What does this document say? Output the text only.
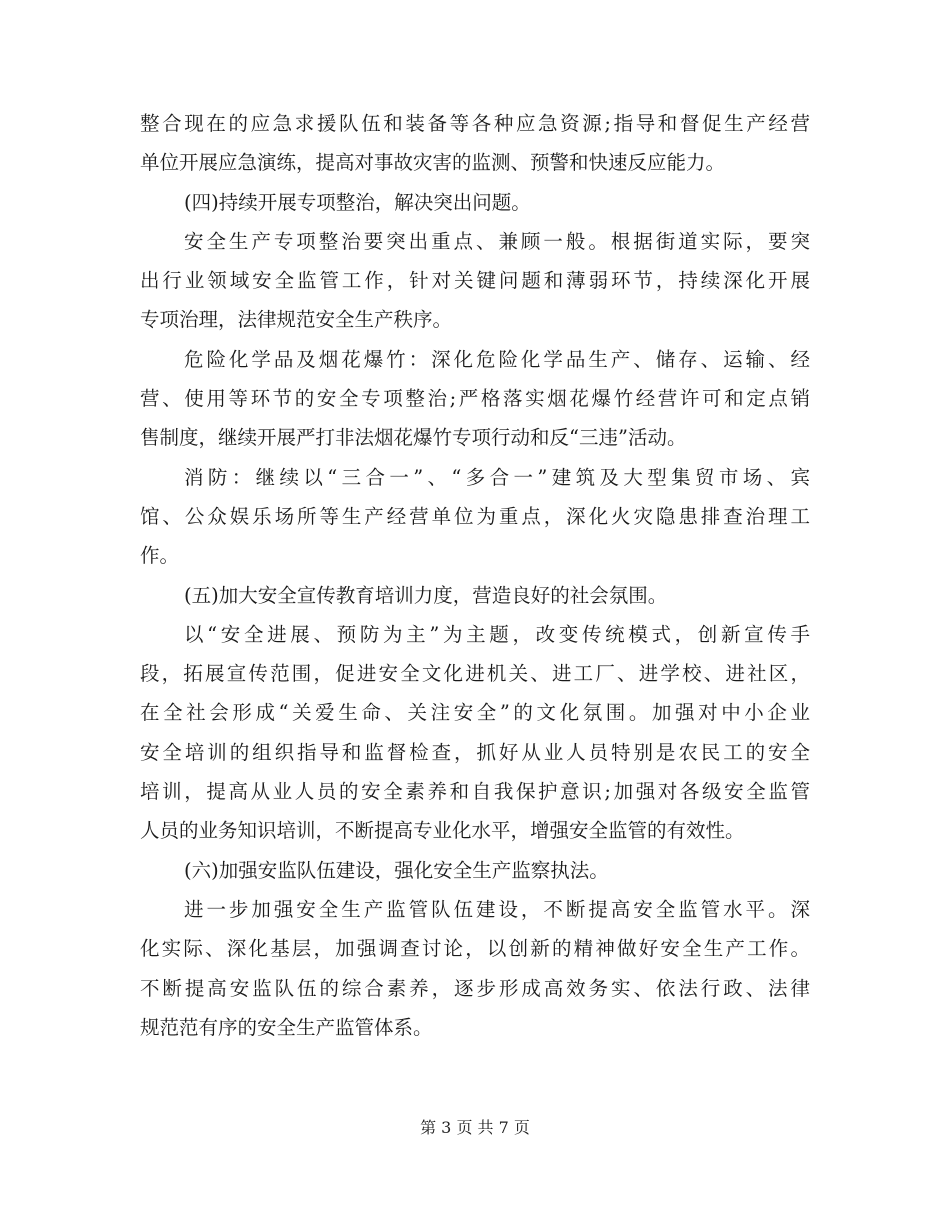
整合现在的应急求援队伍和装备等各种应急资源;指导和督促生产经营
单位开展应急演练，提高对事故灾害的监测、预警和快速反应能力。
(四)持续开展专项整治，解决突出问题。
安全生产专项整治要突出重点、兼顾一般。根据街道实际，要突
出行业领域安全监管工作，针对关键问题和薄弱环节，持续深化开展
专项治理，法律规范安全生产秩序。
危险化学品及烟花爆竹：深化危险化学品生产、储存、运输、经
营、使用等环节的安全专项整治;严格落实烟花爆竹经营许可和定点销
售制度，继续开展严打非法烟花爆竹专项行动和反“三违”活动。
消防：继续以“三合一”、“多合一”建筑及大型集贸市场、宾
馆、公众娱乐场所等生产经营单位为重点，深化火灾隐患排查治理工
作。
(五)加大安全宣传教育培训力度，营造良好的社会氛围。
以“安全进展、预防为主”为主题，改变传统模式，创新宣传手
段，拓展宣传范围，促进安全文化进机关、进工厂、进学校、进社区，
在全社会形成“关爱生命、关注安全”的文化氛围。加强对中小企业
安全培训的组织指导和监督检查，抓好从业人员特别是农民工的安全
培训，提高从业人员的安全素养和自我保护意识;加强对各级安全监管
人员的业务知识培训，不断提高专业化水平，增强安全监管的有效性。
(六)加强安监队伍建设，强化安全生产监察执法。
进一步加强安全生产监管队伍建设，不断提高安全监管水平。深
化实际、深化基层，加强调查讨论，以创新的精神做好安全生产工作。
不断提高安监队伍的综合素养，逐步形成高效务实、依法行政、法律
规范范有序的安全生产监管体系。
第 3 页 共 7 页
